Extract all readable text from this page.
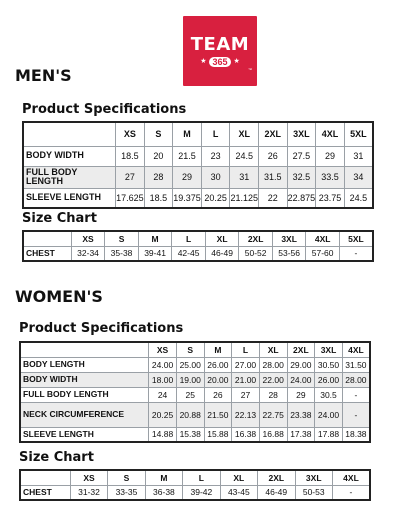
TEAM
★ 365 ★
™
MEN'S
Product Specifications
	XS	S	M	L	XL	2XL	3XL	4XL	5XL
BODY WIDTH	18.5	20	21.5	23	24.5	26	27.5	29	31
FULL BODY LENGTH	27	28	29	30	31	31.5	32.5	33.5	34
SLEEVE LENGTH	17.625	18.5	19.375	20.25	21.125	22	22.875	23.75	24.5
Size Chart
	XS	S	M	L	XL	2XL	3XL	4XL	5XL
CHEST	32-34	35-38	39-41	42-45	46-49	50-52	53-56	57-60	-
WOMEN'S
Product Specifications
	XS	S	M	L	XL	2XL	3XL	4XL
BODY LENGTH	24.00	25.00	26.00	27.00	28.00	29.00	30.50	31.50
BODY WIDTH	18.00	19.00	20.00	21.00	22.00	24.00	26.00	28.00
FULL BODY LENGTH	24	25	26	27	28	29	30.5	-
NECK CIRCUMFERENCE	20.25	20.88	21.50	22.13	22.75	23.38	24.00	-
SLEEVE LENGTH	14.88	15.38	15.88	16.38	16.88	17.38	17.88	18.38
Size Chart
	XS	S	M	L	XL	2XL	3XL	4XL
CHEST	31-32	33-35	36-38	39-42	43-45	46-49	50-53	-
